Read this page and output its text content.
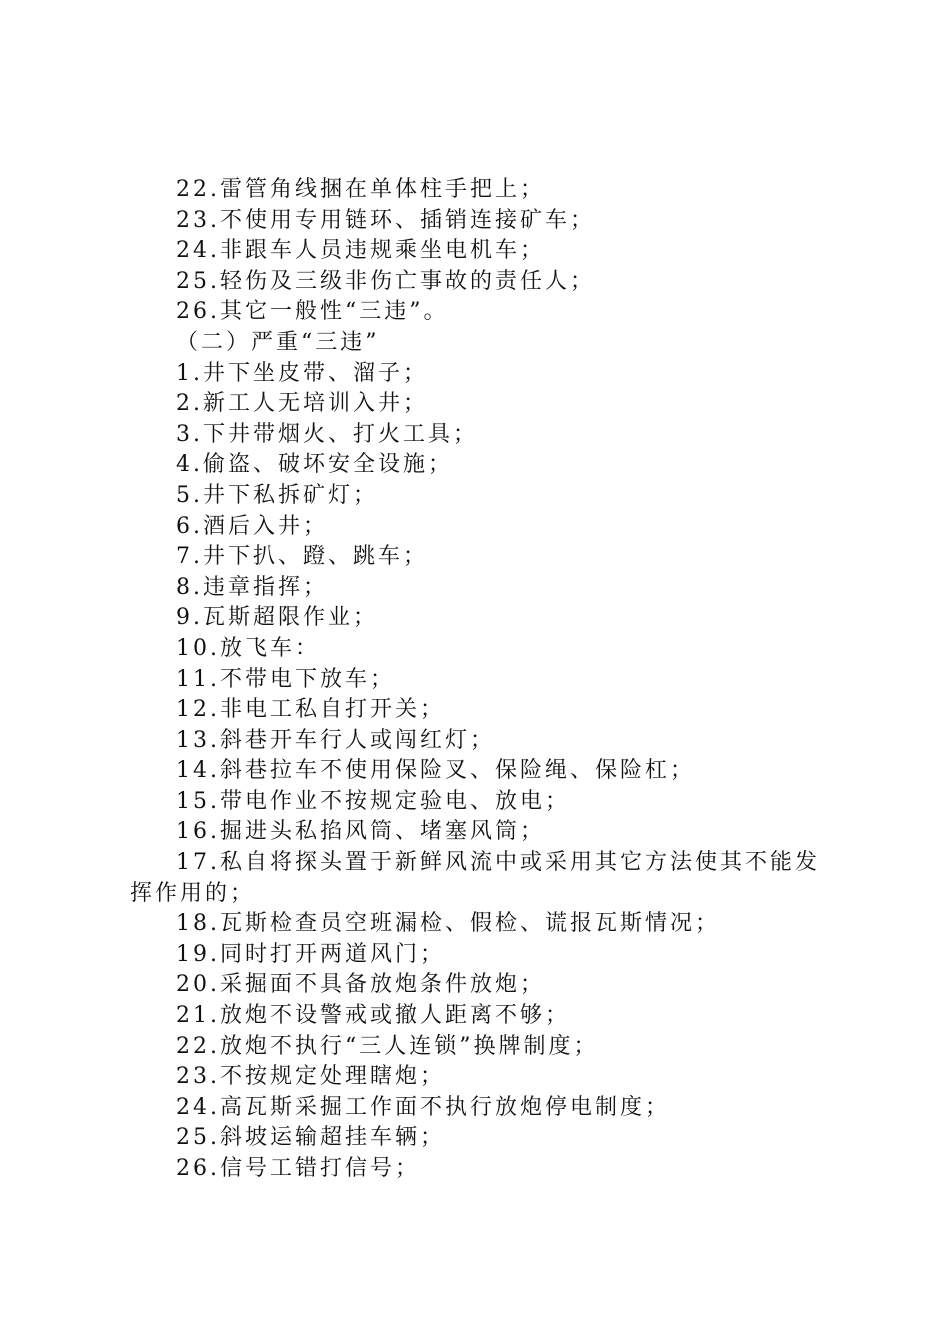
22.雷管角线捆在单体柱手把上；

23.不使用专用链环、插销连接矿车；

24.非跟车人员违规乘坐电机车；

25.轻伤及三级非伤亡事故的责任人；

26.其它一般性“三违”。

（二）严重“三违”

1.井下坐皮带、溜子；

2.新工人无培训入井；

3.下井带烟火、打火工具；

4.偷盗、破坏安全设施；

5.井下私拆矿灯；

6.酒后入井；

7.井下扒、蹬、跳车；

8.违章指挥；

9.瓦斯超限作业；

10.放飞车：

11.不带电下放车；

12.非电工私自打开关；

13.斜巷开车行人或闯红灯；

14.斜巷拉车不使用保险叉、保险绳、保险杠；

15.带电作业不按规定验电、放电；

16.掘进头私掐风筒、堵塞风筒；

17.私自将探头置于新鲜风流中或采用其它方法使其不能发挥作用的；

18.瓦斯检查员空班漏检、假检、谎报瓦斯情况；

19.同时打开两道风门；

20.采掘面不具备放炮条件放炮；

21.放炮不设警戒或撤人距离不够；

22.放炮不执行“三人连锁”换牌制度；

23.不按规定处理瞎炮；

24.高瓦斯采掘工作面不执行放炮停电制度；

25.斜坡运输超挂车辆；

26.信号工错打信号；
